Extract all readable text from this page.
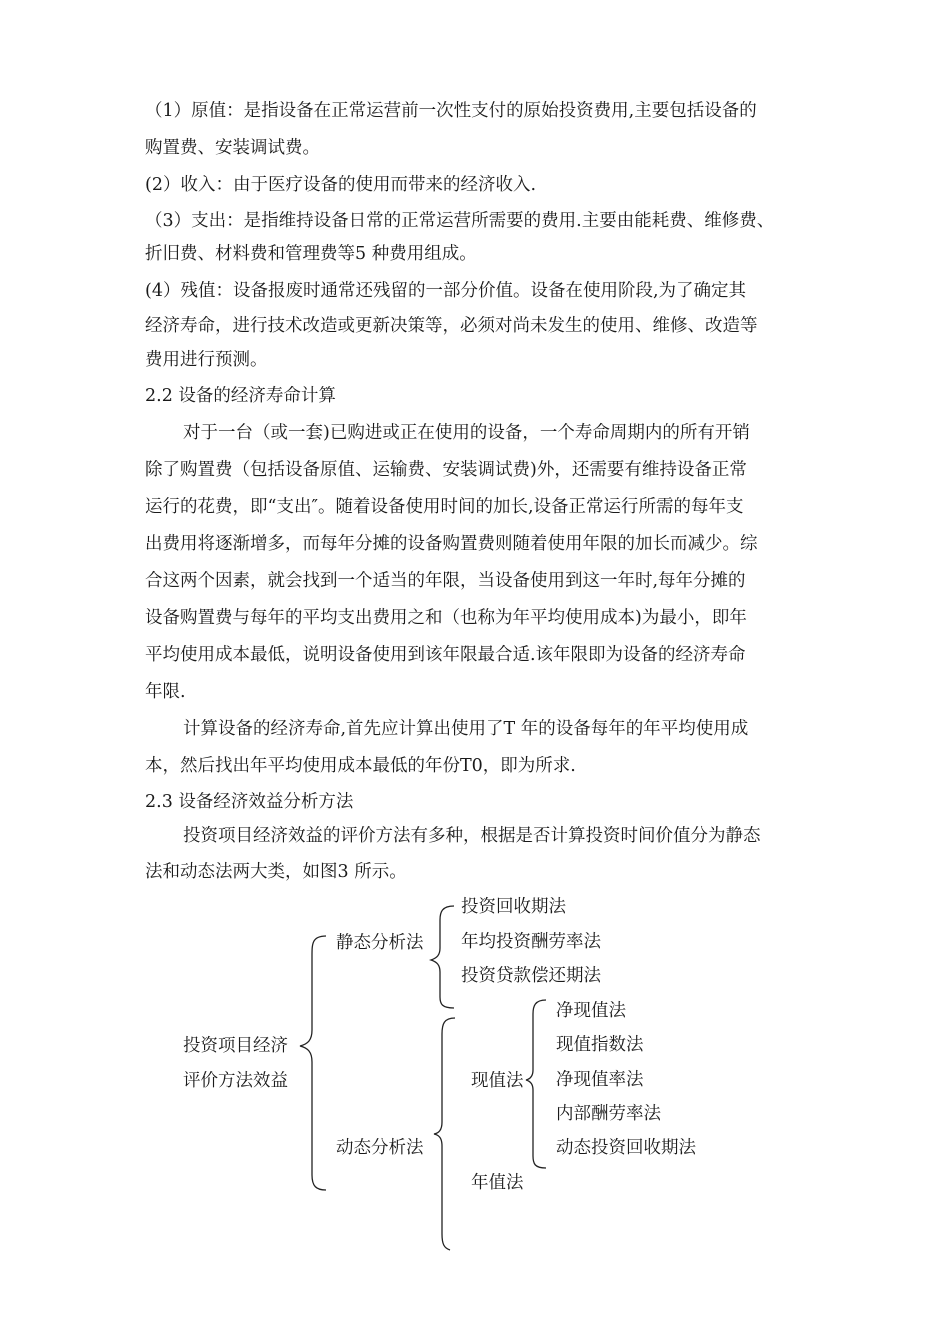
（1）原值：是指设备在正常运营前一次性支付的原始投资费用,主要包括设备的
购置费、安装调试费。
(2）收入：由于医疗设备的使用而带来的经济收入.
（3）支出：是指维持设备日常的正常运营所需要的费用.主要由能耗费、维修费、
折旧费、材料费和管理费等5 种费用组成。
(4）残值：设备报废时通常还残留的一部分价值。设备在使用阶段,为了确定其
经济寿命，进行技术改造或更新决策等，必须对尚未发生的使用、维修、改造等
费用进行预测。
2.2 设备的经济寿命计算
对于一台（或一套)已购进或正在使用的设备，一个寿命周期内的所有开销
除了购置费（包括设备原值、运输费、安装调试费)外，还需要有维持设备正常
运行的花费，即“支出″。随着设备使用时间的加长,设备正常运行所需的每年支
出费用将逐渐增多，而每年分摊的设备购置费则随着使用年限的加长而减少。综
合这两个因素，就会找到一个适当的年限，当设备使用到这一年时,每年分摊的
设备购置费与每年的平均支出费用之和（也称为年平均使用成本)为最小，即年
平均使用成本最低，说明设备使用到该年限最合适.该年限即为设备的经济寿命
年限.
计算设备的经济寿命,首先应计算出使用了T 年的设备每年的年平均使用成
本，然后找出年平均使用成本最低的年份T0，即为所求.
2.3 设备经济效益分析方法
投资项目经济效益的评价方法有多种，根据是否计算投资时间价值分为静态
法和动态法两大类，如图3 所示。
投资项目经济
评价方法效益
静态分析法
投资回收期法
年均投资酬劳率法
投资贷款偿还期法
动态分析法
现值法
净现值法
现值指数法
净现值率法
内部酬劳率法
动态投资回收期法
年值法
